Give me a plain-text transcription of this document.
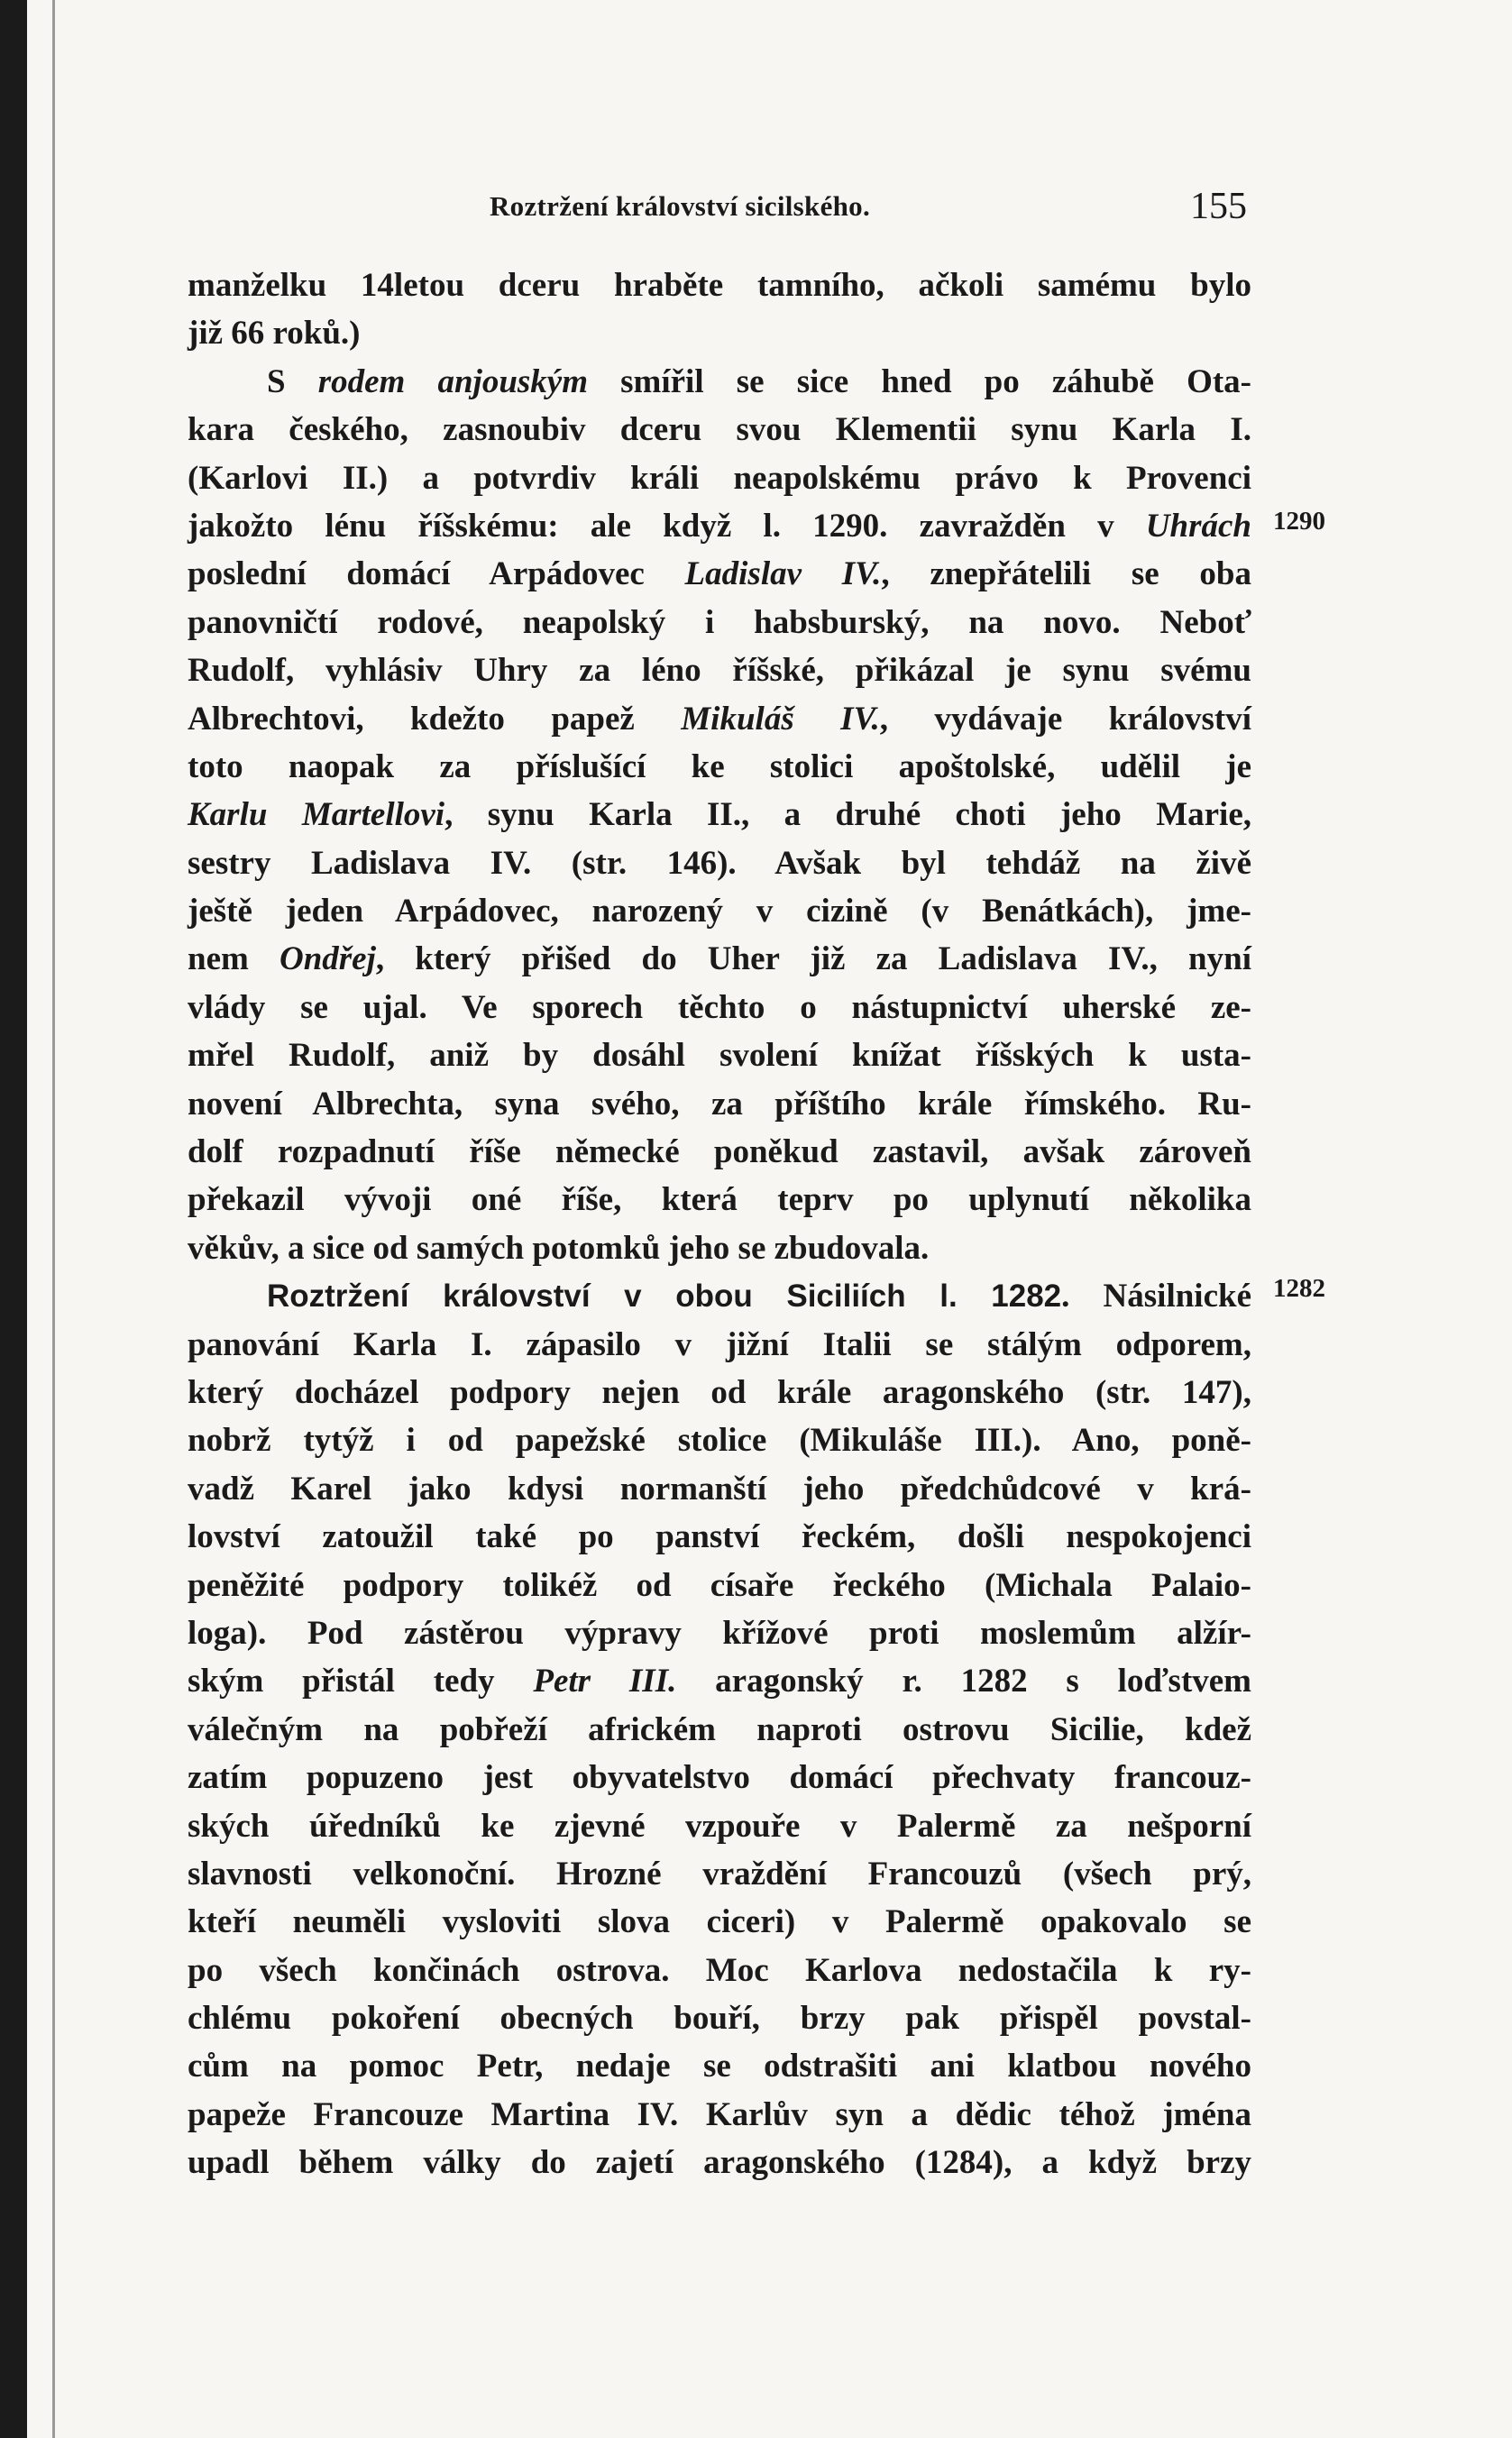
Roztržení království sicilského.	155
manželku 14letou dceru hraběte tamního, ačkoli samému bylo
již 66 roků.)
S rodem anjouským smířil se sice hned po záhubě Ota-
kara českého, zasnoubiv dceru svou Klementii synu Karla I.
(Karlovi II.) a potvrdiv králi neapolskému právo k Provenci
jakožto lénu říšskému: ale když l. 1290. zavražděn v Uhrách
poslední domácí Arpádovec Ladislav IV., znepřátelili se oba
panovničtí rodové, neapolský i habsburský, na novo. Neboť
Rudolf, vyhlásiv Uhry za léno říšské, přikázal je synu svému
Albrechtovi, kdežto papež Mikuláš IV., vydávaje království
toto naopak za příslušící ke stolici apoštolské, udělil je
Karlu Martellovi, synu Karla II., a druhé choti jeho Marie,
sestry Ladislava IV. (str. 146). Avšak byl tehdáž na živě
ještě jeden Arpádovec, narozený v cizině (v Benátkách), jme-
nem Ondřej, který přišed do Uher již za Ladislava IV., nyní
vlády se ujal. Ve sporech těchto o nástupnictví uherské ze-
mřel Rudolf, aniž by dosáhl svolení knížat říšských k usta-
novení Albrechta, syna svého, za příštího krále římského. Ru-
dolf rozpadnutí říše německé poněkud zastavil, avšak zároveň
překazil vývoji oné říše, která teprv po uplynutí několika
věkův, a sice od samých potomků jeho se zbudovala.
Roztržení království v obou Siciliích l. 1282. Násilnické
panování Karla I. zápasilo v jižní Italii se stálým odporem,
který docházel podpory nejen od krále aragonského (str. 147),
nobrž tytýž i od papežské stolice (Mikuláše III.). Ano, poně-
vadž Karel jako kdysi normanští jeho předchůdcové v krá-
lovství zatoužil také po panství řeckém, došli nespokojenci
peněžité podpory tolikéž od císaře řeckého (Michala Palaio-
loga). Pod zástěrou výpravy křížové proti moslemům alžír-
ským přistál tedy Petr III. aragonský r. 1282 s loďstvem
válečným na pobřeží africkém naproti ostrovu Sicilie, kdež
zatím popuzeno jest obyvatelstvo domácí přechvaty francouz-
ských úředníků ke zjevné vzpouře v Palermě za nešporní
slavnosti velkonoční. Hrozné vraždění Francouzů (všech prý,
kteří neuměli vysloviti slova ciceri) v Palermě opakovalo se
po všech končinách ostrova. Moc Karlova nedostačila k ry-
chlému pokoření obecných bouří, brzy pak přispěl povstal-
cům na pomoc Petr, nedaje se odstrašiti ani klatbou nového
papeže Francouze Martina IV. Karlův syn a dědic téhož jména
upadl během války do zajetí aragonského (1284), a když brzy
1290
1282
